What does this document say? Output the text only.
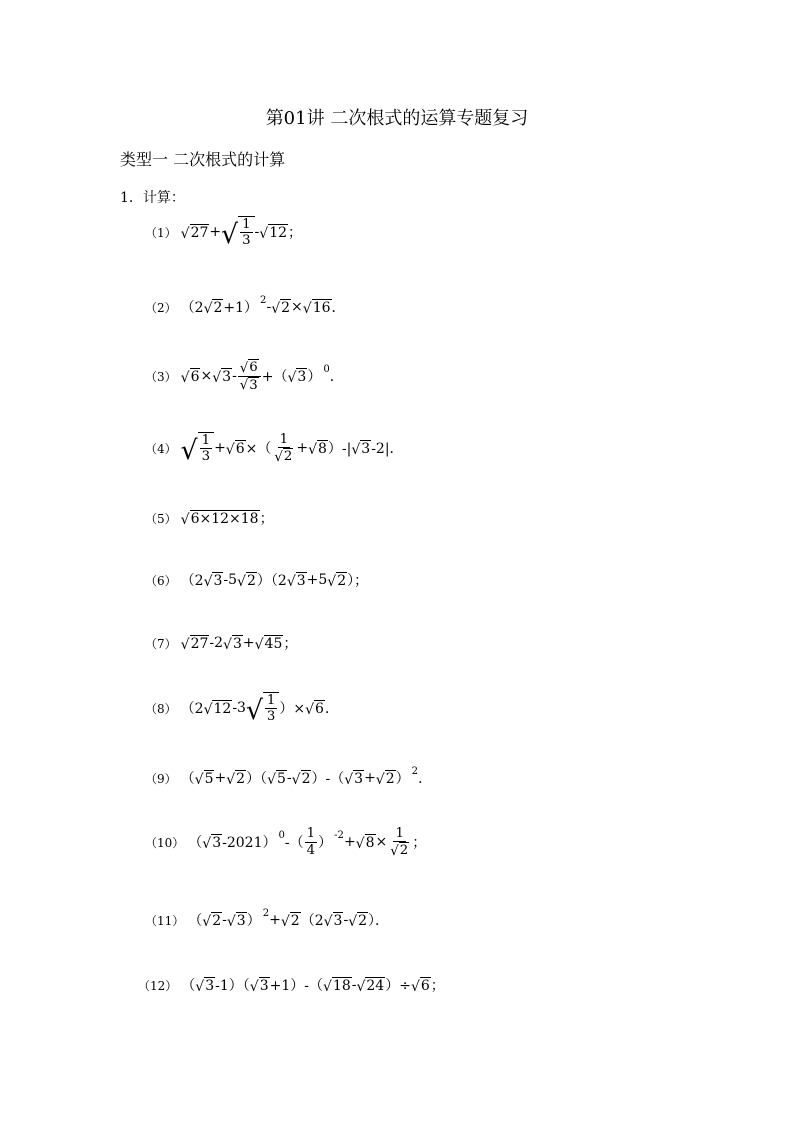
第01讲 二次根式的运算专题复习
类型一 二次根式的计算
1．计算：
（1） √ 27 + √ $\frac{1}{3}$ - √ 12 ；
（2） （2 √ 2 +1） 2 - √ 2 × √ 16 ．
（3） √ 6 × √ $3 - \frac{√ 6}{√ 3}$ +（ √ 3 ） 0 ．
（4） √ $\frac{1}{3}$ + √ 6 ×（ $\frac{1}{√ 2}$ + √ 8 ）-| √ 3 -2|．
（5） √ 6×12×18 ；
（6） （2 √ 3 -5 √ 2 ）（2 √ 3 +5 √ 2 ）；
（7） √ 27 -2 √ 3 + √ 45 ；
（8） （2 √ 12 -3 √ $\frac{1}{3}$ ）× √ 6 ．
（9） （ √ 5 + √ 2 ）（ √ 5 - √ 2 ）-（ √ 3 + √ 2 ） 2 ．
（10） （ √ 3 -2021） 0 -（ $\frac{1}{4}$ ） -2 + √ $8 \times \frac{1}{√ 2}$ ；
（11） （ √ 2 - √ 3 ） 2 + √ 2 （2 √ 3 - √ 2 ）．
（12） （ √ 3 -1）（ √ 3 +1）-（ √ 18 - √ 24 ）÷ √ 6 ；
